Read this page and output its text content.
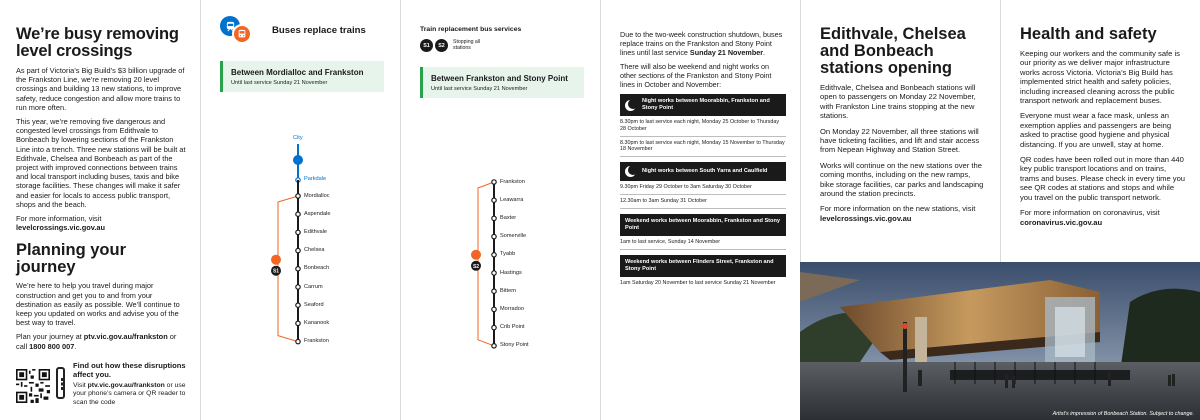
We’re busy removing level crossings

As part of Victoria’s Big Build’s $3 billion upgrade of the Frankston Line, we’re removing 20 level crossings and building 13 new stations, to improve safety, reduce congestion and allow more trains to run more often.

This year, we’re removing five dangerous and congested level crossings from Edithvale to Bonbeach by lowering sections of the Frankston Line into a trench. Three new stations will be built at Edithvale, Chelsea and Bonbeach as part of the project with improved connections between trains and local transport including buses, taxis and bike storage facilities. These changes will make it safer and easier for locals to access public transport, shops and the beach.

For more information, visit
levelcrossings.vic.gov.au

Planning your journey

We’re here to help you travel during major construction and get you to and from your destination as easily as possible. We’ll continue to keep you updated on works and advise you of the best way to travel.

Plan your journey at ptv.vic.gov.au/frankston or call 1800 800 007.

Find out how these disruptions affect you.
Visit ptv.vic.gov.au/frankston or use your phone’s camera or QR reader to scan the code
Buses replace trains
Between Mordialloc and Frankston
Until last service Sunday 21 November
S1
City
Parkdale
Mordialloc
Aspendale
Edithvale
Chelsea
Bonbeach
Carrum
Seaford
Kananook
Frankston
Train replacement bus services
S1	S2
Stopping all stations
Between Frankston and Stony Point
Until last service Sunday 21 November
S2
Frankston
Leawarra
Baxter
Somerville
Tyabb
Hastings
Bittern
Morradoo
Crib Point
Stony Point

Due to the two-week construction shutdown, buses replace trains on the Frankston and Stony Point lines until last service Sunday 21 November.

There will also be weekend and night works on other sections of the Frankston and Stony Point lines in October and November:

Night works between Moorabbin, Frankston and Stony Point
8.30pm to last service each night, Monday 25 October to Thursday 28 October
8.30pm to last service each night, Monday 15 November to Thursday 18 November
Night works between South Yarra and Caulfield
9.30pm Friday 29 October to 3am Saturday 30 October
12.30am to 3am Sunday 31 October
Weekend works between Moorabbin, Frankston and Stony Point
1am to last service, Sunday 14 November
Weekend works between Flinders Street, Frankston and Stony Point
1am Saturday 20 November to last service Sunday 21 November
Edithvale, Chelsea and Bonbeach stations opening

Edithvale, Chelsea and Bonbeach stations will open to passengers on Monday 22 November, with Frankston Line trains stopping at the new stations.

On Monday 22 November, all three stations will have ticketing facilities, and lift and stair access from Nepean Highway and Station Street.

Works will continue on the new stations over the coming months, including on the new ramps, bike storage facilities, car parks and landscaping around the station precincts.

For more information on the new stations, visit levelcrossings.vic.gov.au

Health and safety

Keeping our workers and the community safe is our priority as we deliver major infrastructure works across Victoria. Victoria’s Big Build has implemented strict health and safety policies, including increased cleaning across the public transport network and replacement buses.

Everyone must wear a face mask, unless an exemption applies and passengers are being asked to practise good hygiene and physical distancing. If you are unwell, stay at home.

QR codes have been rolled out in more than 440 key public transport locations and on trains, trams and buses. Please check in every time you see QR codes at stations and stops and while you travel on the public transport network.

For more information on coronavirus, visit coronavirus.vic.gov.au

Artist’s impression of Bonbeach Station. Subject to change.
